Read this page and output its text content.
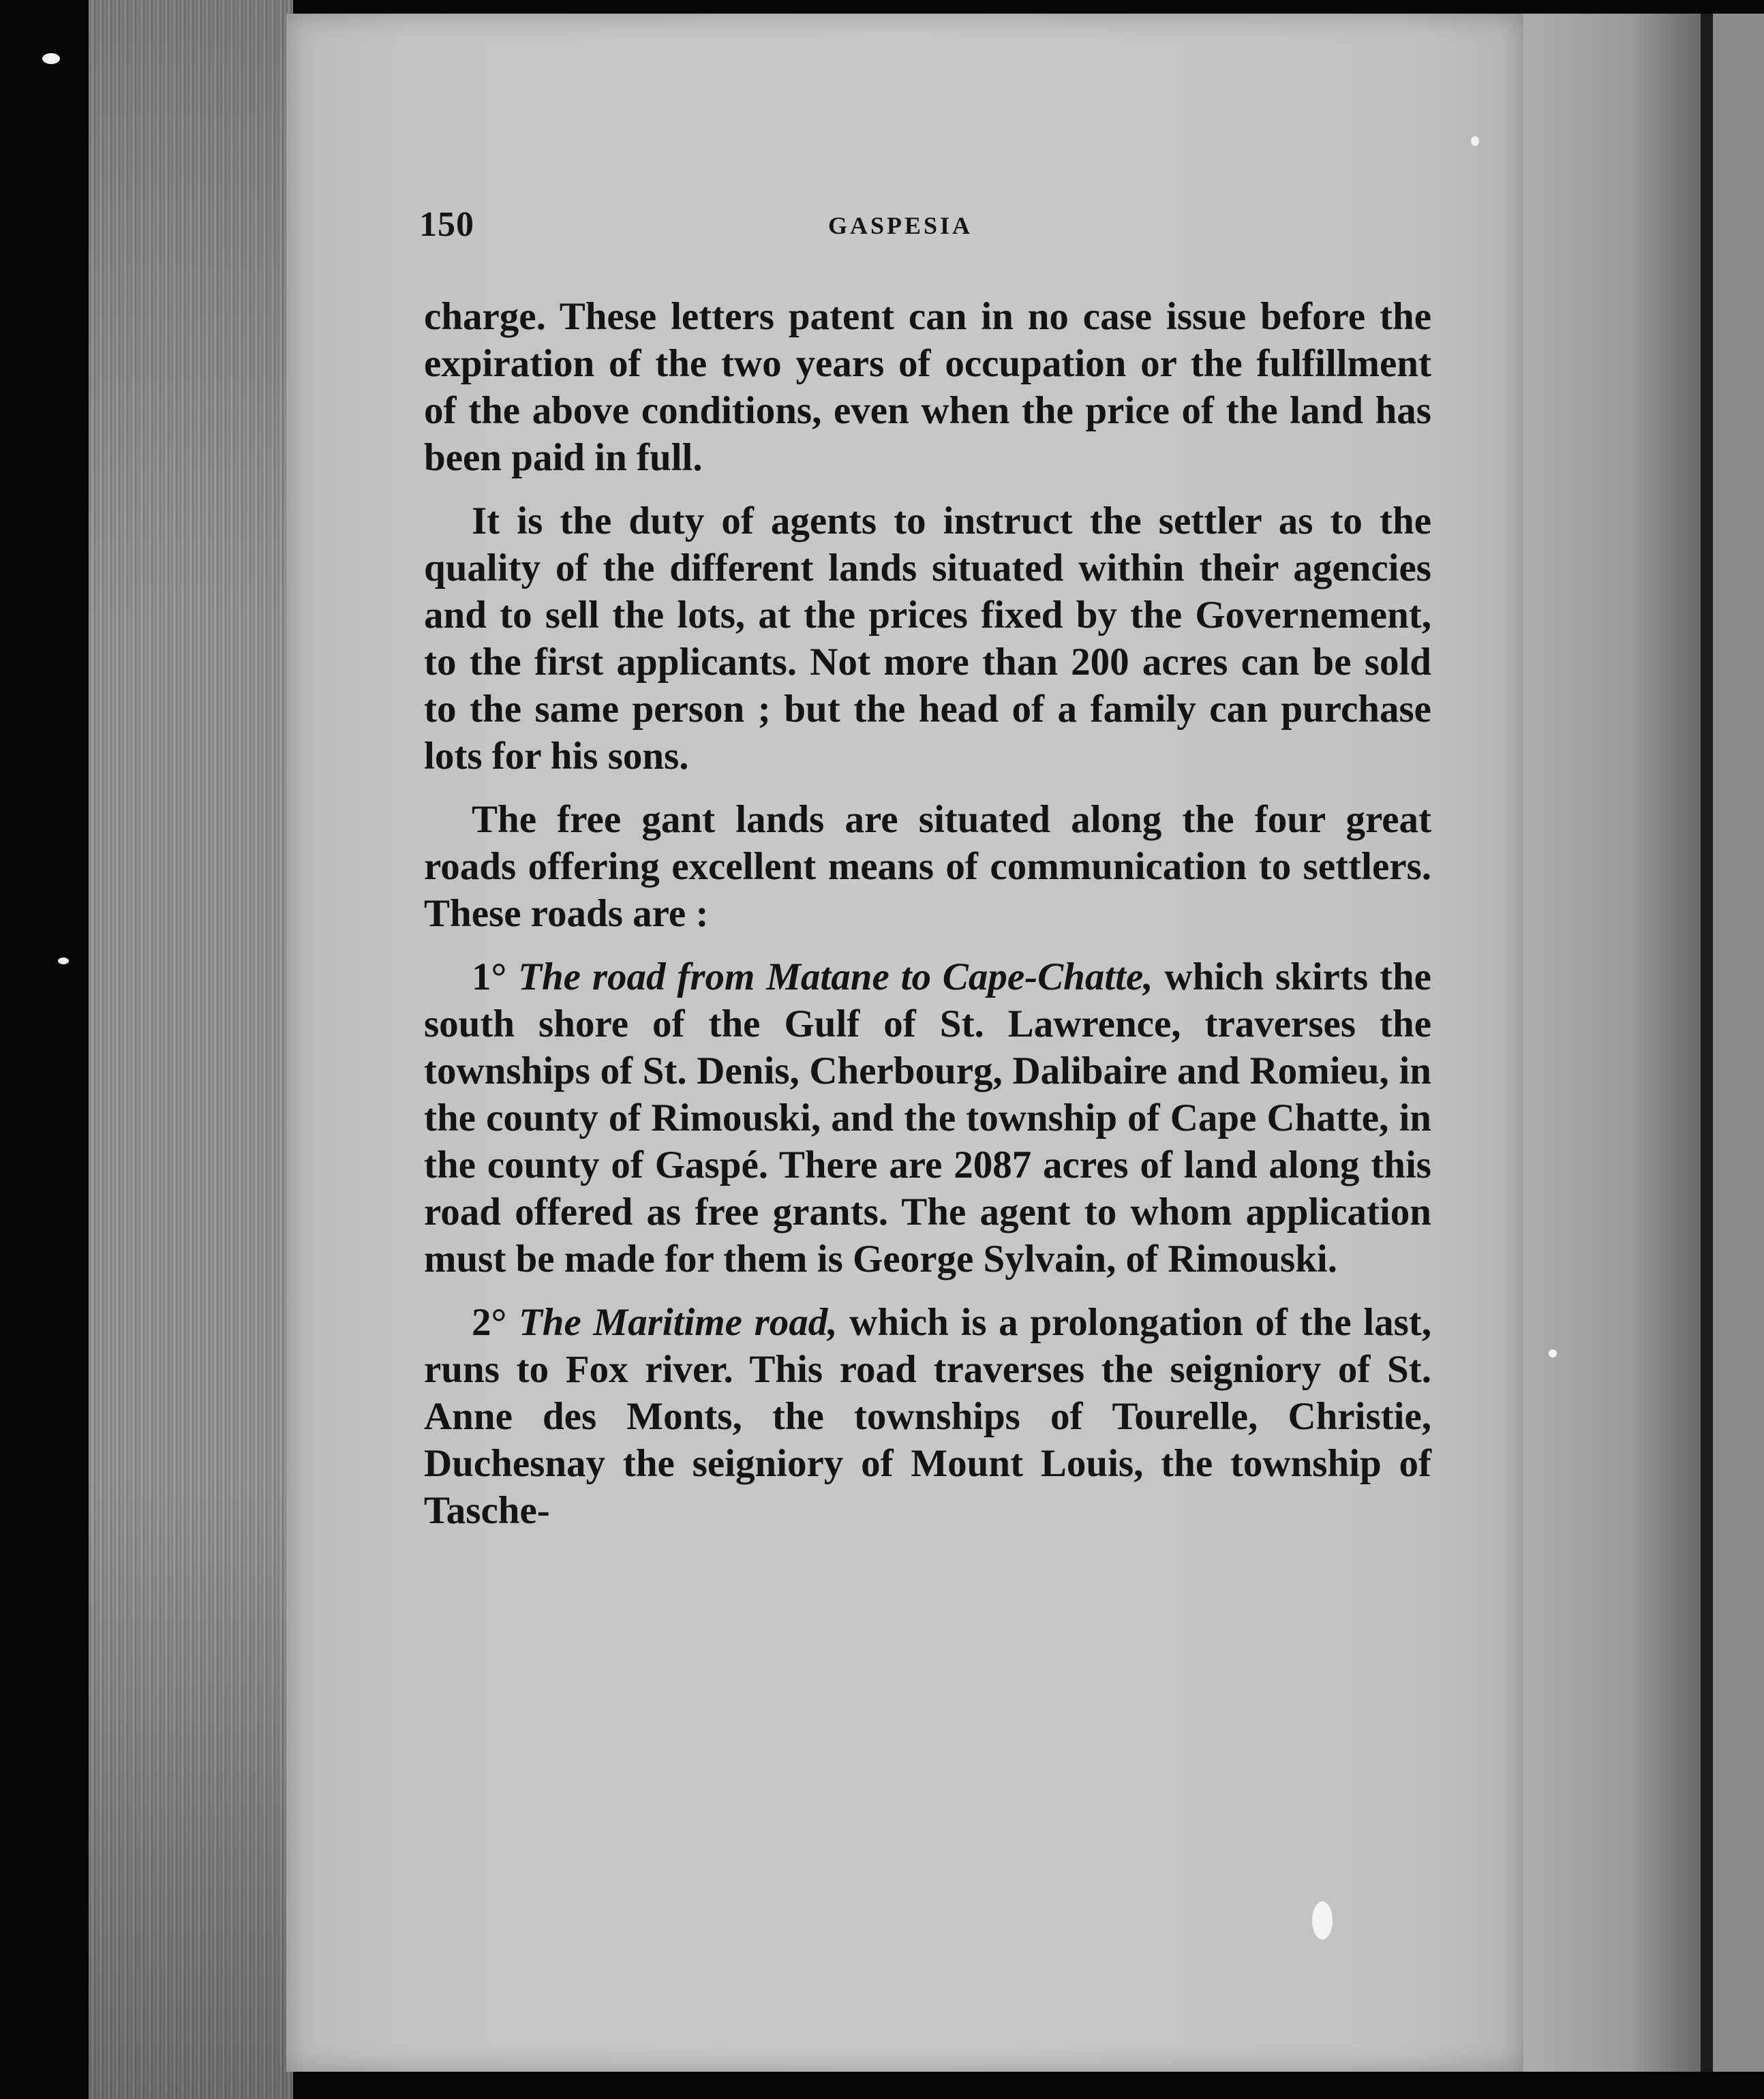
150	GASPESIA

charge. These letters patent can in no case issue before the expiration of the two years of occupation or the fulfillment of the above conditions, even when the price of the land has been paid in full.

It is the duty of agents to instruct the settler as to the quality of the different lands situated within their agencies and to sell the lots, at the prices fixed by the Governement, to the first applicants. Not more than 200 acres can be sold to the same person ; but the head of a family can purchase lots for his sons.

The free gant lands are situated along the four great roads offering excellent means of communication to settlers. These roads are :

1° The road from Matane to Cape-Chatte, which skirts the south shore of the Gulf of St. Lawrence, traverses the townships of St. Denis, Cherbourg, Dalibaire and Romieu, in the county of Rimouski, and the township of Cape Chatte, in the county of Gaspé. There are 2087 acres of land along this road offered as free grants. The agent to whom application must be made for them is George Sylvain, of Rimouski.

2° The Maritime road, which is a prolongation of the last, runs to Fox river. This road traverses the seigniory of St. Anne des Monts, the townships of Tourelle, Christie, Duchesnay the seigniory of Mount Louis, the township of Tasche-
